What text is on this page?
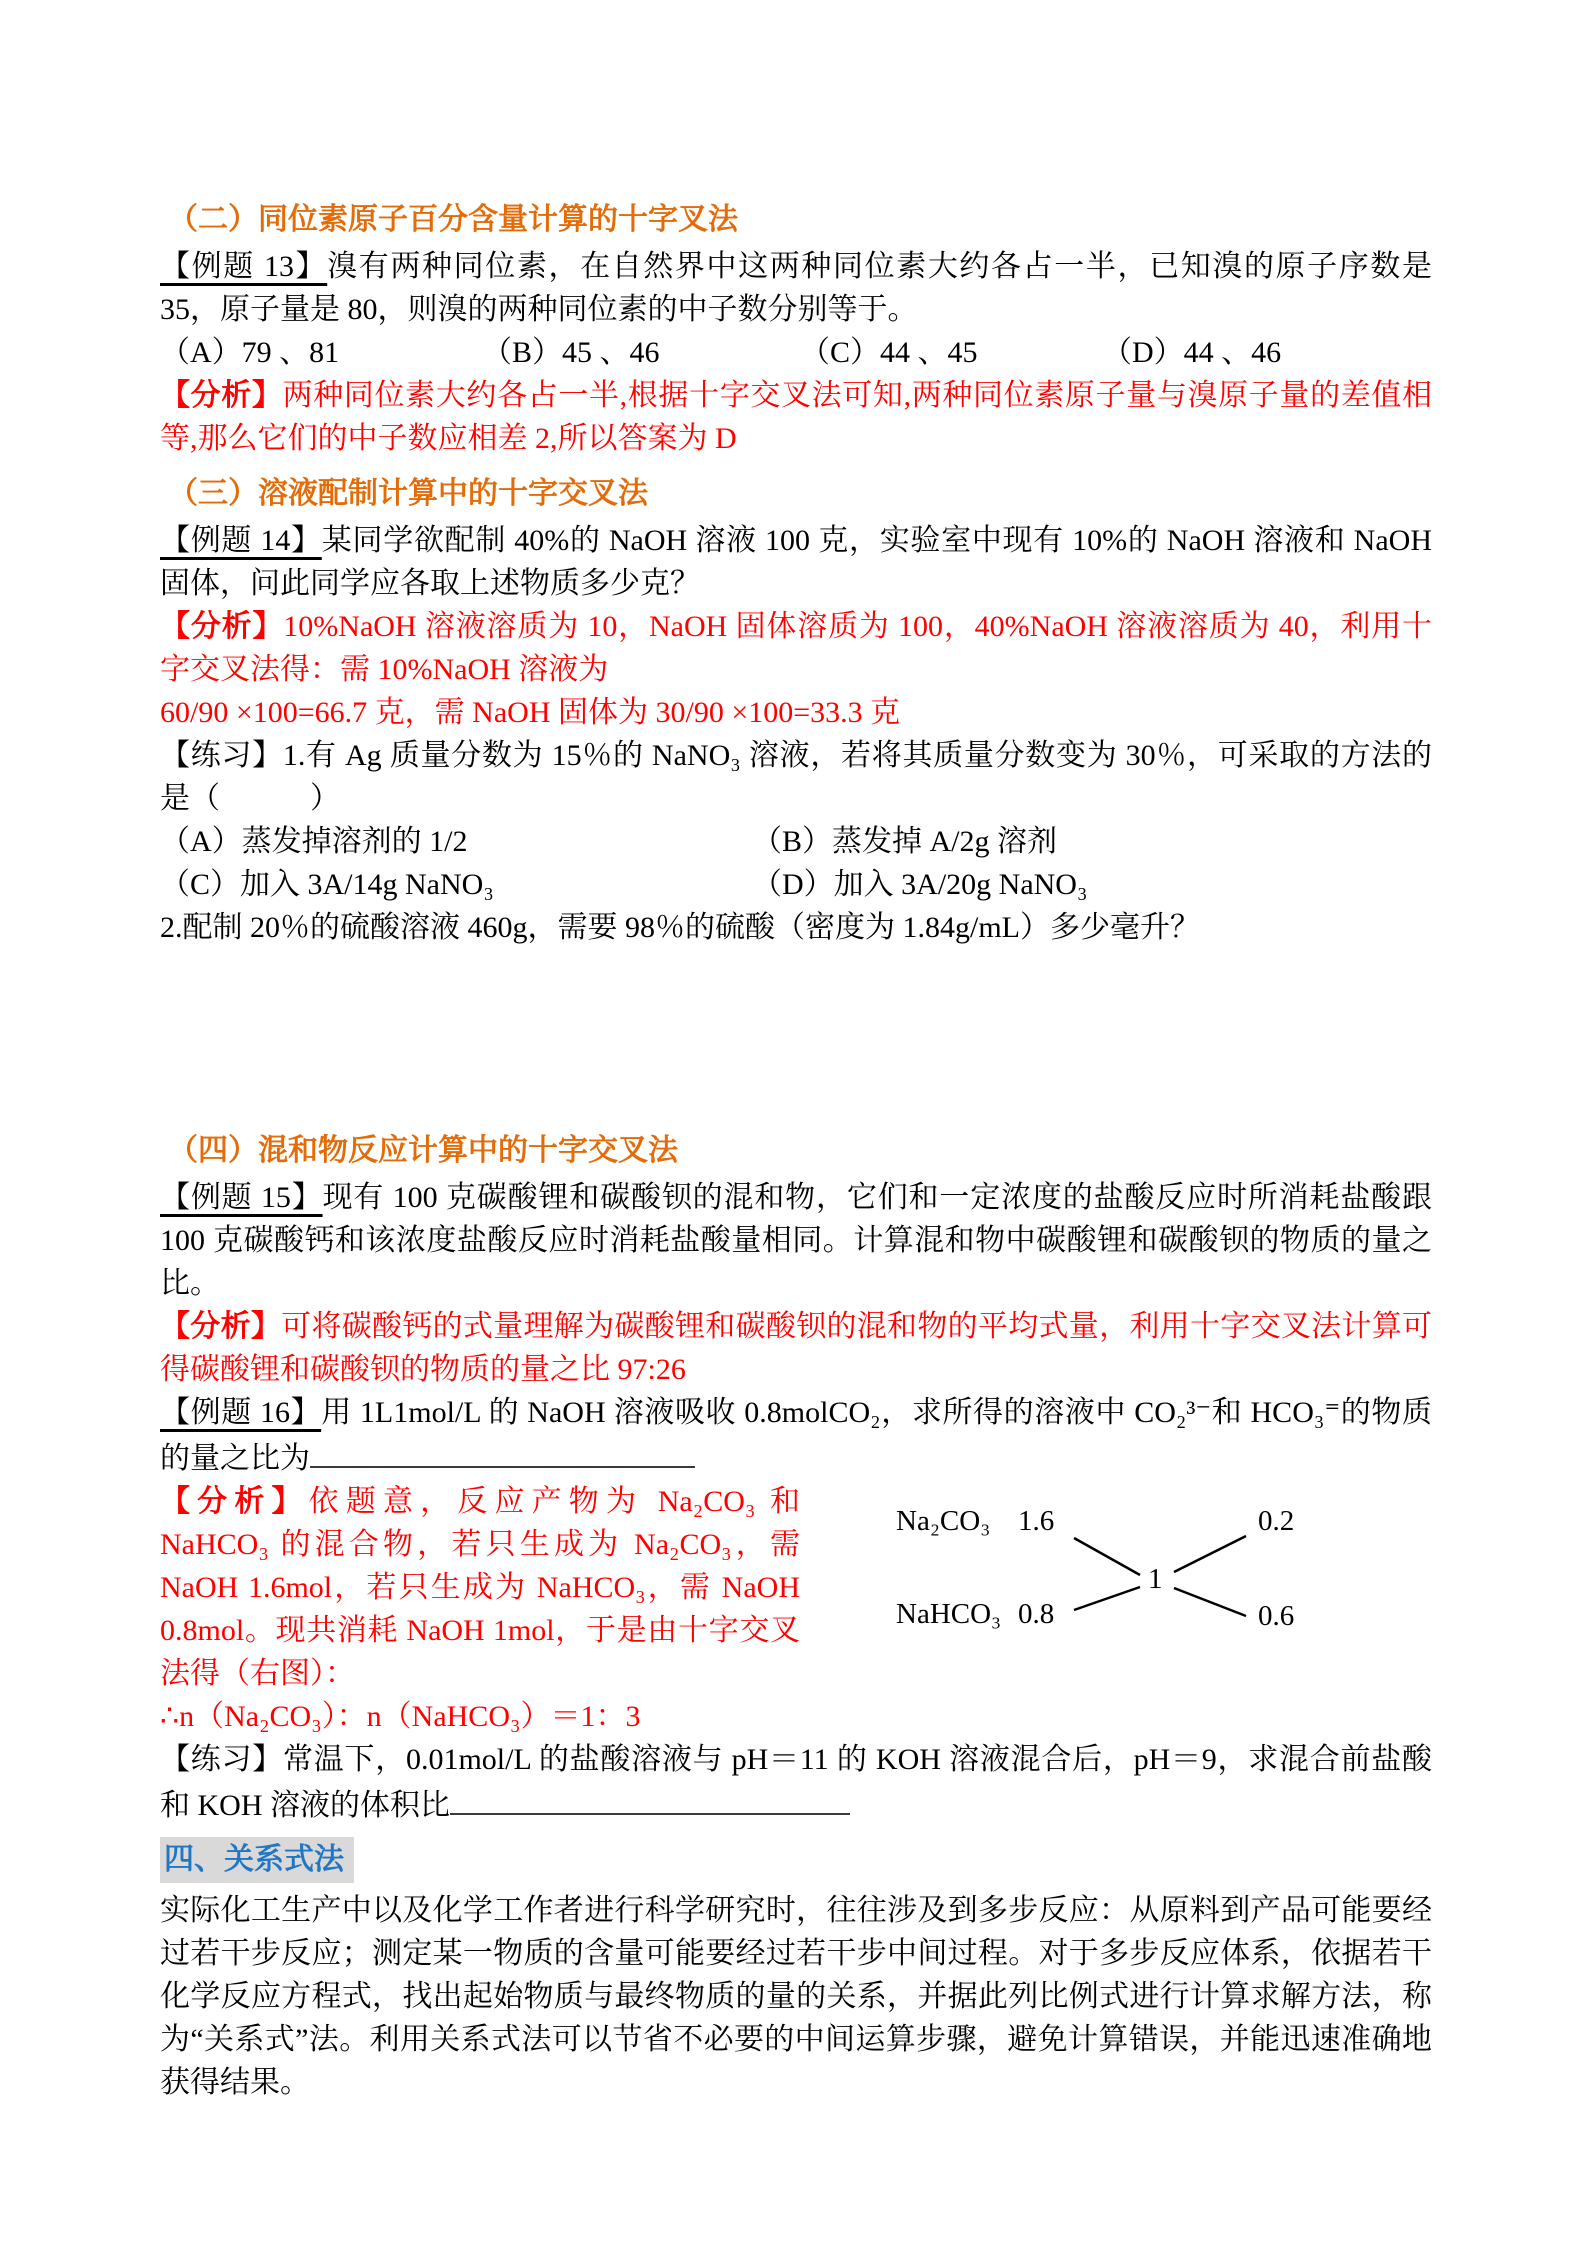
（二）同位素原子百分含量计算的十字叉法

【例题 13】溴有两种同位素，在自然界中这两种同位素大约各占一半，已知溴的原子序数是 35，原子量是 80，则溴的两种同位素的中子数分别等于。

（A）79 、81	（B）45 、46	（C）44 、45	（D）44 、46

【分析】两种同位素大约各占一半,根据十字交叉法可知,两种同位素原子量与溴原子量的差值相等,那么它们的中子数应相差 2,所以答案为 D

（三）溶液配制计算中的十字交叉法

【例题 14】某同学欲配制 40%的 NaOH 溶液 100 克，实验室中现有 10%的 NaOH 溶液和 NaOH 固体，问此同学应各取上述物质多少克？

【分析】10%NaOH 溶液溶质为 10，NaOH 固体溶质为 100，40%NaOH 溶液溶质为 40，利用十字交叉法得：需 10%NaOH 溶液为

60/90 ×100=66.7 克，需 NaOH 固体为 30/90 ×100=33.3 克

【练习】1.有 Ag 质量分数为 15％的 NaNO₃ 溶液，若将其质量分数变为 30％，可采取的方法的是（　　　）

（A）蒸发掉溶剂的 1/2	（B）蒸发掉 A/2g 溶剂
（C）加入 3A/14g NaNO₃	（D）加入 3A/20g NaNO₃

2.配制 20％的硫酸溶液 460g，需要 98％的硫酸（密度为 1.84g/mL）多少毫升？

（四）混和物反应计算中的十字交叉法

【例题 15】现有 100 克碳酸锂和碳酸钡的混和物，它们和一定浓度的盐酸反应时所消耗盐酸跟 100 克碳酸钙和该浓度盐酸反应时消耗盐酸量相同。计算混和物中碳酸锂和碳酸钡的物质的量之比。

【分析】可将碳酸钙的式量理解为碳酸锂和碳酸钡的混和物的平均式量，利用十字交叉法计算可得碳酸锂和碳酸钡的物质的量之比 97:26

【例题 16】用 1L1mol/L 的 NaOH 溶液吸收 0.8molCO₂，求所得的溶液中 CO₂³⁻和 HCO₃⁼的物质的量之比为

【分析】依题意，反应产物为 Na₂CO₃ 和 NaHCO₃ 的混合物，若只生成为 Na₂CO₃，需 NaOH 1.6mol，若只生成为 NaHCO₃，需 NaOH 0.8mol。现共消耗 NaOH 1mol，于是由十字交叉法得（右图）：

∴n（Na₂CO₃）：n（NaHCO₃）＝1：3

Na₂CO₃ 1.6
NaHCO₃ 0.8
1
0.2
0.6

【练习】常温下，0.01mol/L 的盐酸溶液与 pH＝11 的 KOH 溶液混合后，pH＝9，求混合前盐酸和 KOH 溶液的体积比

四、关系式法

实际化工生产中以及化学工作者进行科学研究时，往往涉及到多步反应：从原料到产品可能要经过若干步反应；测定某一物质的含量可能要经过若干步中间过程。对于多步反应体系，依据若干化学反应方程式，找出起始物质与最终物质的量的关系，并据此列比例式进行计算求解方法，称为“关系式”法。利用关系式法可以节省不必要的中间运算步骤，避免计算错误，并能迅速准确地获得结果。
